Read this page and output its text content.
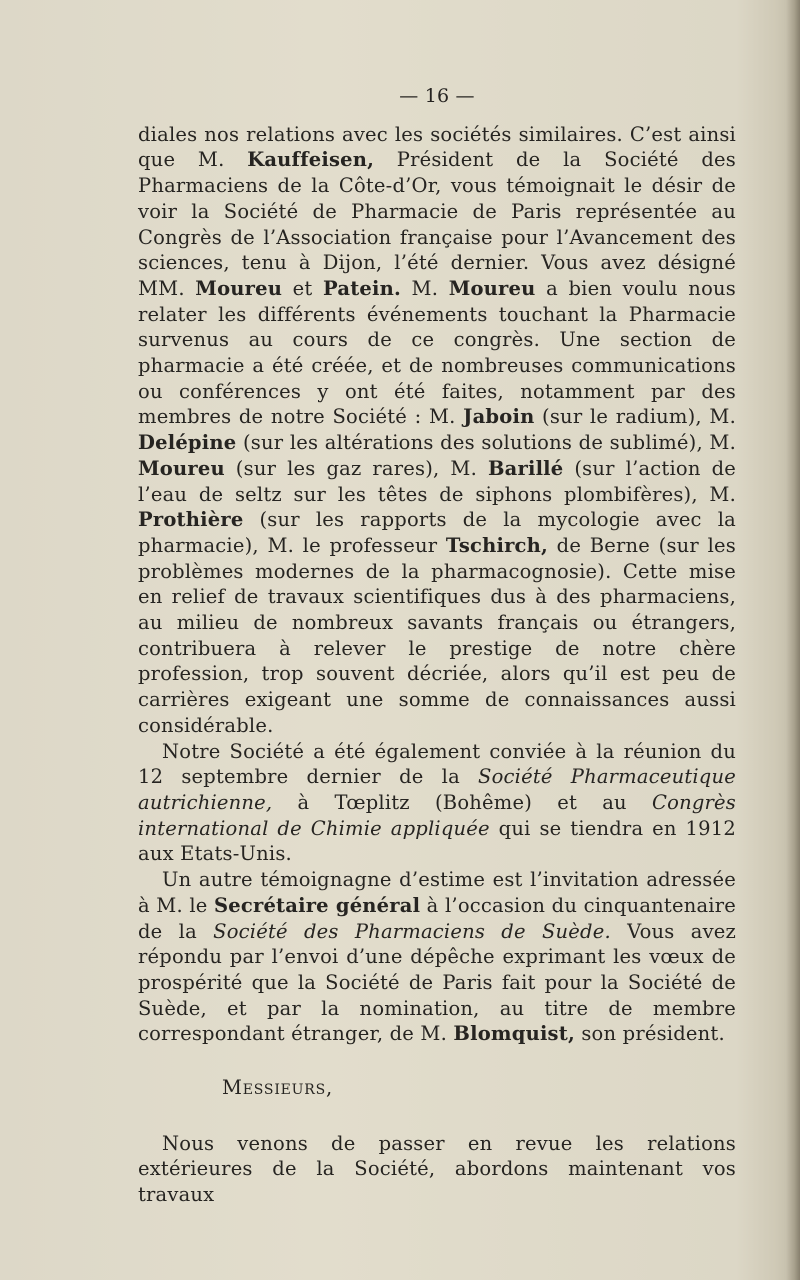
— 16 —

diales nos relations avec les sociétés similaires. C’est ainsi que M. Kauffeisen, Président de la Société des Pharmaciens de la Côte-d’Or, vous témoignait le désir de voir la Société de Pharmacie de Paris représentée au Congrès de l’Association française pour l’Avancement des sciences, tenu à Dijon, l’été dernier. Vous avez désigné MM. Moureu et Patein. M. Moureu a bien voulu nous relater les différents événements touchant la Pharmacie survenus au cours de ce congrès. Une section de pharmacie a été créée, et de nombreuses communications ou conférences y ont été faites, notamment par des membres de notre Société : M. Jaboin (sur le radium), M. Delépine (sur les altérations des solutions de sublimé), M. Moureu (sur les gaz rares), M. Barillé (sur l’action de l’eau de seltz sur les têtes de siphons plombifères), M. Prothière (sur les rapports de la mycologie avec la pharmacie), M. le professeur Tschirch, de Berne (sur les problèmes modernes de la pharmacognosie). Cette mise en relief de travaux scientifiques dus à des pharmaciens, au milieu de nombreux savants français ou étrangers, contribuera à relever le prestige de notre chère profession, trop souvent décriée, alors qu’il est peu de carrières exigeant une somme de connaissances aussi considérable.

Notre Société a été également conviée à la réunion du 12 septembre dernier de la Société Pharmaceutique autrichienne, à Tœplitz (Bohême) et au Congrès international de Chimie appliquée qui se tiendra en 1912 aux Etats-Unis.

Un autre témoignagne d’estime est l’invitation adressée à M. le Secrétaire général à l’occasion du cinquantenaire de la Société des Pharmaciens de Suède. Vous avez répondu par l’envoi d’une dépêche exprimant les vœux de prospérité que la Société de Paris fait pour la Société de Suède, et par la nomination, au titre de membre correspondant étranger, de M. Blomquist, son président.

Messieurs,

Nous venons de passer en revue les relations extérieures de la Société, abordons maintenant vos travaux
